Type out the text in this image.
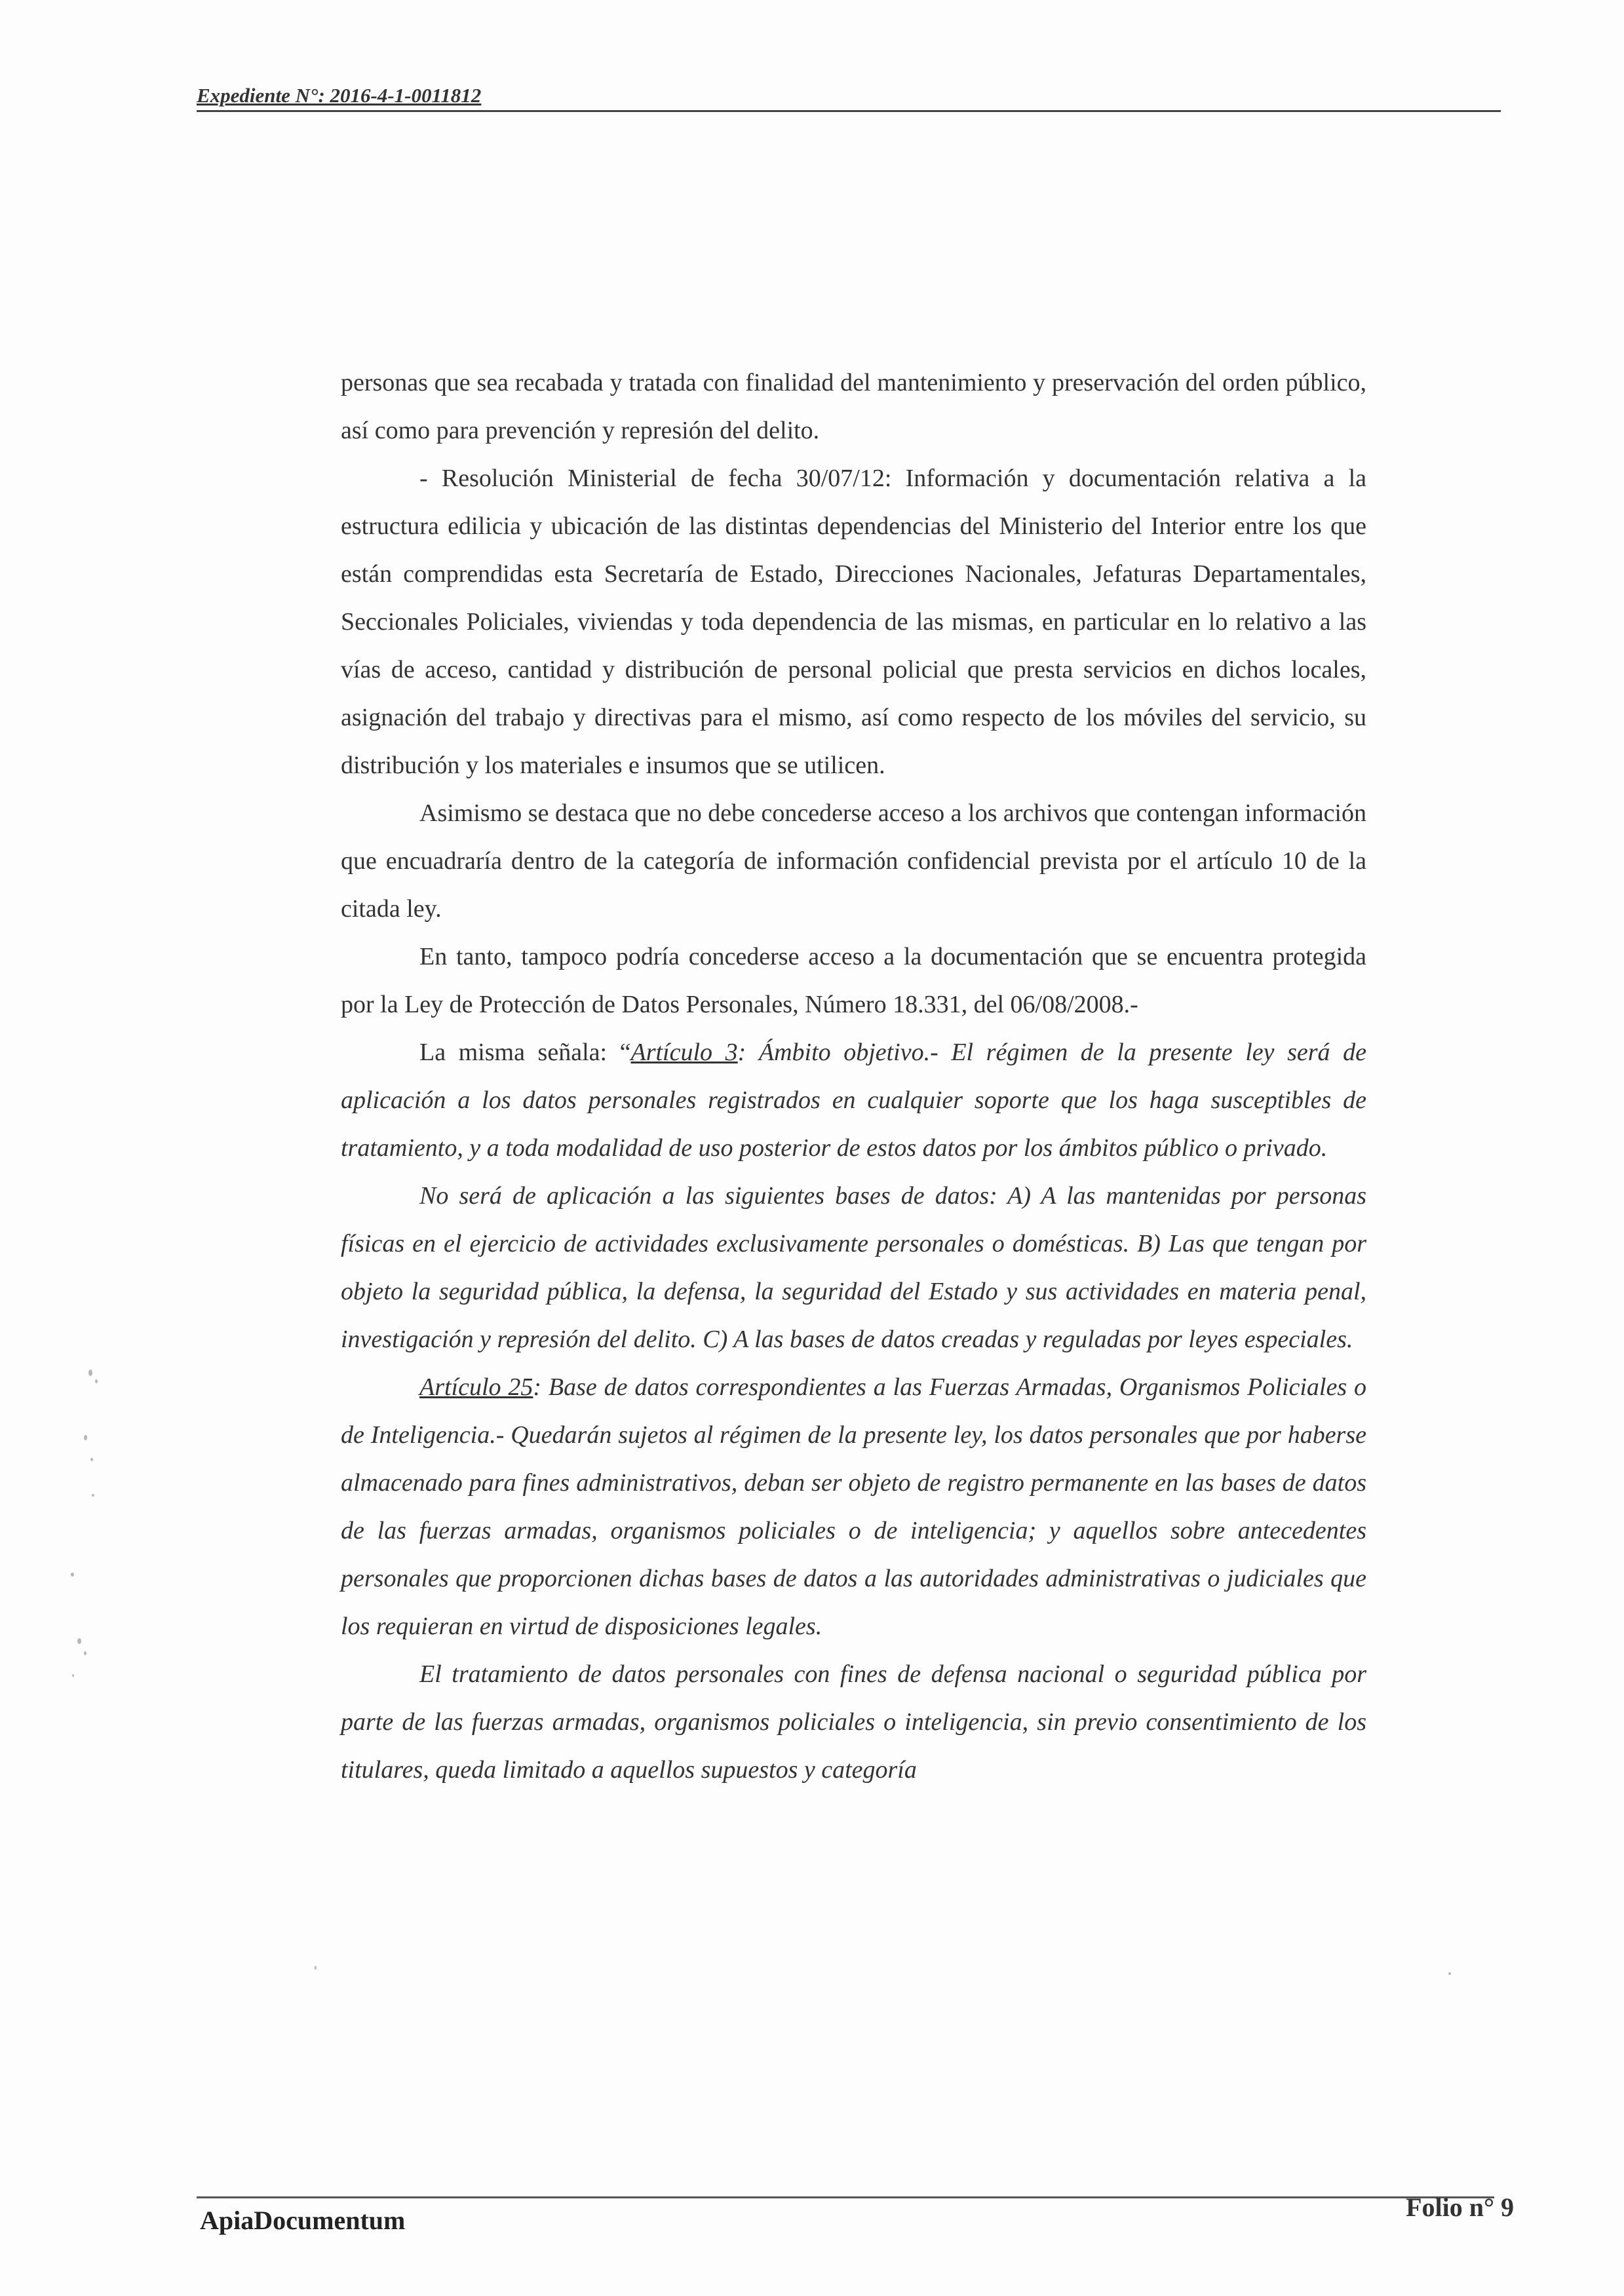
Expediente N°: 2016-4-1-0011812

personas que sea recabada y tratada con finalidad del mantenimiento y preservación del orden público, así como para prevención y represión del delito.

- Resolución Ministerial de fecha 30/07/12: Información y documentación relativa a la estructura edilicia y ubicación de las distintas dependencias del Ministerio del Interior entre los que están comprendidas esta Secretaría de Estado, Direcciones Nacionales, Jefaturas Departamentales, Seccionales Policiales, viviendas y toda dependencia de las mismas, en particular en lo relativo a las vías de acceso, cantidad y distribución de personal policial que presta servicios en dichos locales, asignación del trabajo y directivas para el mismo, así como respecto de los móviles del servicio, su distribución y los materiales e insumos que se utilicen.

Asimismo se destaca que no debe concederse acceso a los archivos que contengan información que encuadraría dentro de la categoría de información confidencial prevista por el artículo 10 de la citada ley.

En tanto, tampoco podría concederse acceso a la documentación que se encuentra protegida por la Ley de Protección de Datos Personales, Número 18.331, del 06/08/2008.-

La misma señala: “Artículo 3: Ámbito objetivo.- El régimen de la presente ley será de aplicación a los datos personales registrados en cualquier soporte que los haga susceptibles de tratamiento, y a toda modalidad de uso posterior de estos datos por los ámbitos público o privado.

No será de aplicación a las siguientes bases de datos: A) A las mantenidas por personas físicas en el ejercicio de actividades exclusivamente personales o domésticas. B) Las que tengan por objeto la seguridad pública, la defensa, la seguridad del Estado y sus actividades en materia penal, investigación y represión del delito. C) A las bases de datos creadas y reguladas por leyes especiales.

Artículo 25: Base de datos correspondientes a las Fuerzas Armadas, Organismos Policiales o de Inteligencia.- Quedarán sujetos al régimen de la presente ley, los datos personales que por haberse almacenado para fines administrativos, deban ser objeto de registro permanente en las bases de datos de las fuerzas armadas, organismos policiales o de inteligencia; y aquellos sobre antecedentes personales que proporcionen dichas bases de datos a las autoridades administrativas o judiciales que los requieran en virtud de disposiciones legales.

El tratamiento de datos personales con fines de defensa nacional o seguridad pública por parte de las fuerzas armadas, organismos policiales o inteligencia, sin previo consentimiento de los titulares, queda limitado a aquellos supuestos y categoría

ApiaDocumentum	Folio n° 9
